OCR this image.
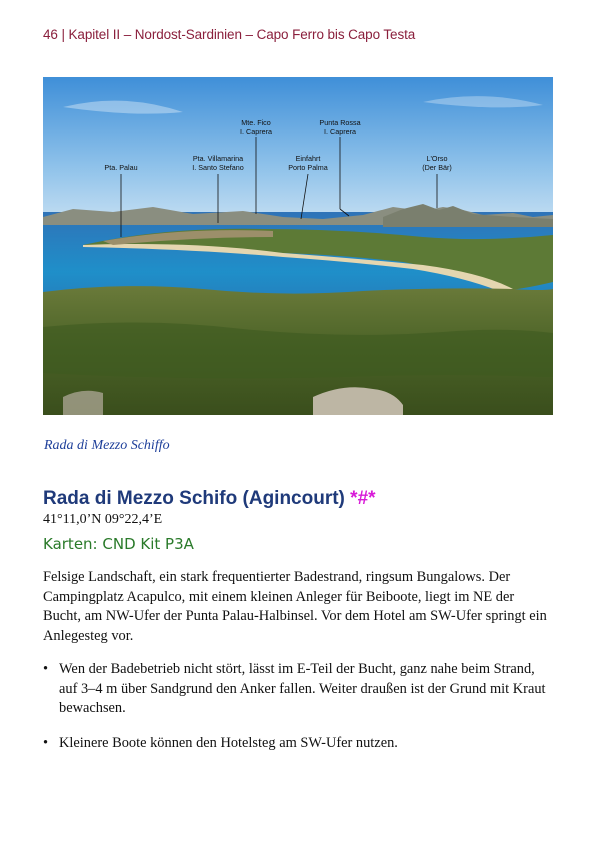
46 | Kapitel II – Nordost-Sardinien – Capo Ferro bis Capo Testa
Pta. Palau
Pta. Villamarina
I. Santo Stefano
Mte. Fico
I. Caprera
Einfahrt
Porto Palma
Punta Rossa
I. Caprera
L'Orso
(Der Bär)
Rada di Mezzo Schiffo
Rada di Mezzo Schifo (Agincourt) *#*
41°11,0’N 09°22,4’E
Karten: CND Kit P3A

Felsige Landschaft, ein stark frequentierter Badestrand, ringsum Bungalows. Der Campingplatz Acapulco, mit einem kleinen Anleger für Beiboote, liegt im NE der Bucht, am NW-Ufer der Punta Palau-Halbinsel. Vor dem Hotel am SW-Ufer springt ein Anlegesteg vor.

• Wen der Badebetrieb nicht stört, lässt im E-Teil der Bucht, ganz nahe beim Strand, auf 3–4 m über Sandgrund den Anker fallen. Weiter draußen ist der Grund mit Kraut bewachsen.
• Kleinere Boote können den Hotelsteg am SW-Ufer nutzen.
